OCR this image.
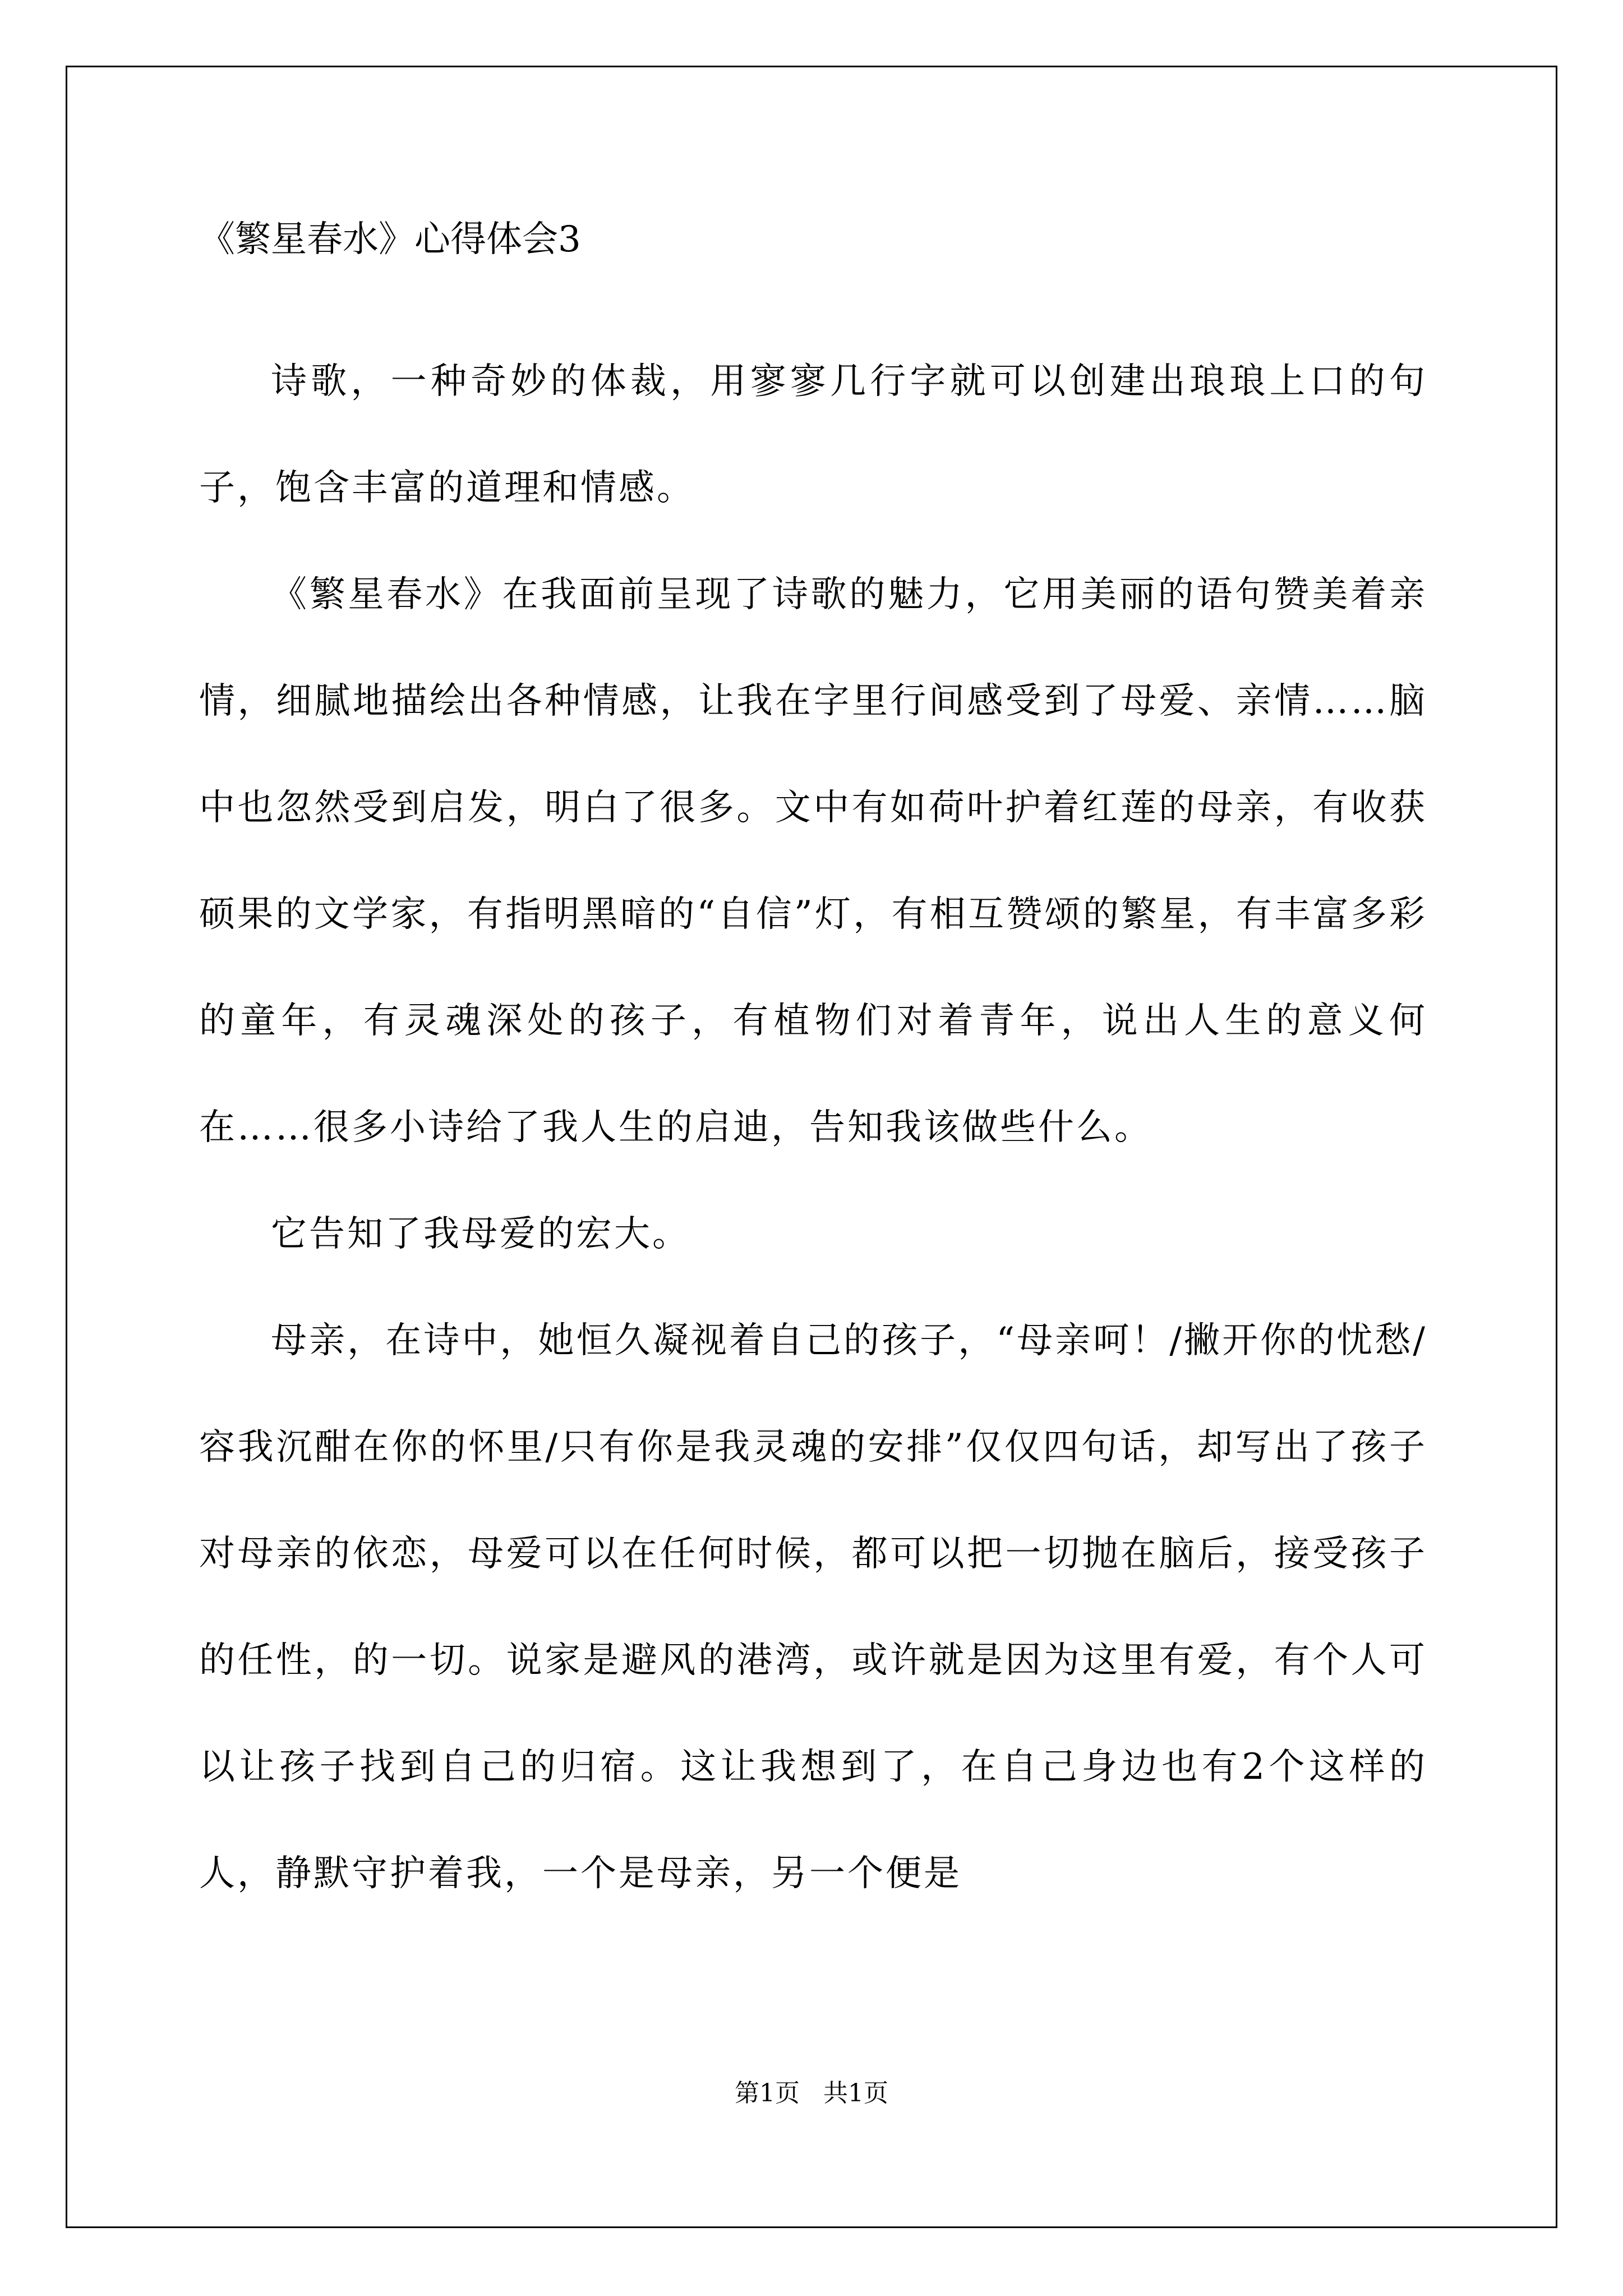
《繁星春水》心得体会3

诗歌，一种奇妙的体裁，用寥寥几行字就可以创建出琅琅上口的句子，饱含丰富的道理和情感。

《繁星春水》在我面前呈现了诗歌的魅力，它用美丽的语句赞美着亲情，细腻地描绘出各种情感，让我在字里行间感受到了母爱、亲情……脑中也忽然受到启发，明白了很多。文中有如荷叶护着红莲的母亲，有收获硕果的文学家，有指明黑暗的“自信”灯，有相互赞颂的繁星，有丰富多彩的童年，有灵魂深处的孩子，有植物们对着青年，说出人生的意义何在……很多小诗给了我人生的启迪，告知我该做些什么。

它告知了我母爱的宏大。

母亲，在诗中，她恒久凝视着自己的孩子，“母亲呵！/撇开你的忧愁/容我沉酣在你的怀里/只有你是我灵魂的安排”仅仅四句话，却写出了孩子对母亲的依恋，母爱可以在任何时候，都可以把一切抛在脑后，接受孩子的任性，的一切。说家是避风的港湾，或许就是因为这里有爱，有个人可以让孩子找到自己的归宿。这让我想到了，在自己身边也有2个这样的人，静默守护着我，一个是母亲，另一个便是

第1页   共1页
